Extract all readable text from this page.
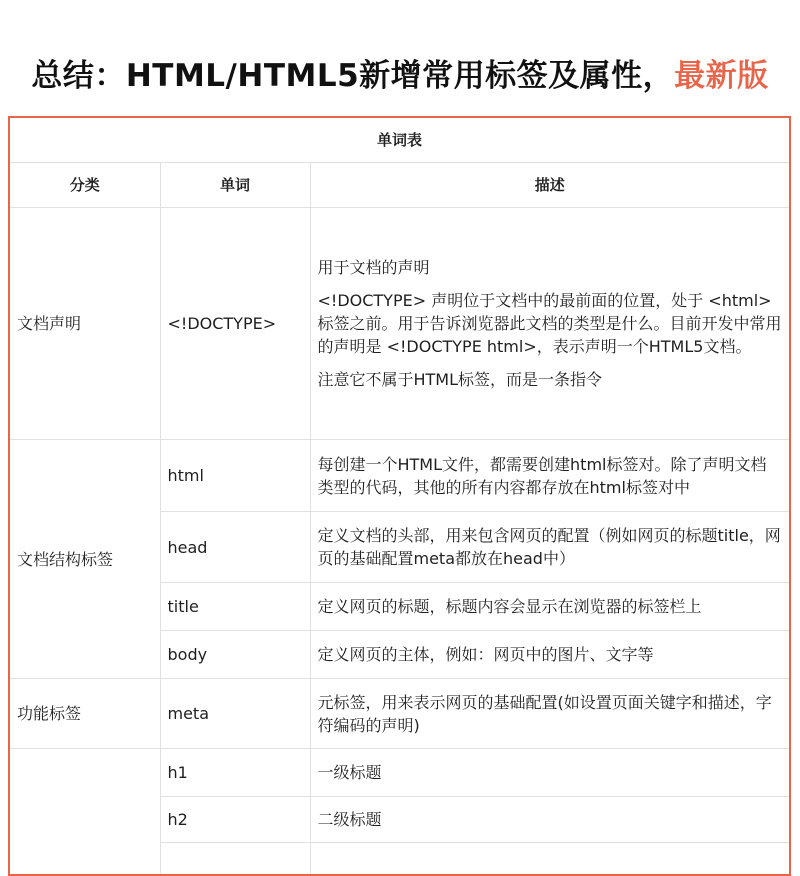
总结：HTML/HTML5新增常用标签及属性，最新版
单词表		
分类	单词	描述
文档声明	<!DOCTYPE>	用于文档的声明

<!DOCTYPE> 声明位于文档中的最前面的位置，处于 <html> 标签之前。用于告诉浏览器此文档的类型是什么。目前开发中常用的声明是 <!DOCTYPE html>，表示声明一个HTML5文档。

注意它不属于HTML标签，而是一条指令

文档结构标签	html	每创建一个HTML文件，都需要创建html标签对。除了声明文档类型的代码，其他的所有内容都存放在html标签对中
	head	定义文档的头部，用来包含网页的配置（例如网页的标题title，网页的基础配置meta都放在head中）
	title	定义网页的标题，标题内容会显示在浏览器的标签栏上
	body	定义网页的主体，例如：网页中的图片、文字等
功能标签	meta	元标签，用来表示网页的基础配置(如设置页面关键字和描述，字符编码的声明)
	h1	一级标题
	h2	二级标题
